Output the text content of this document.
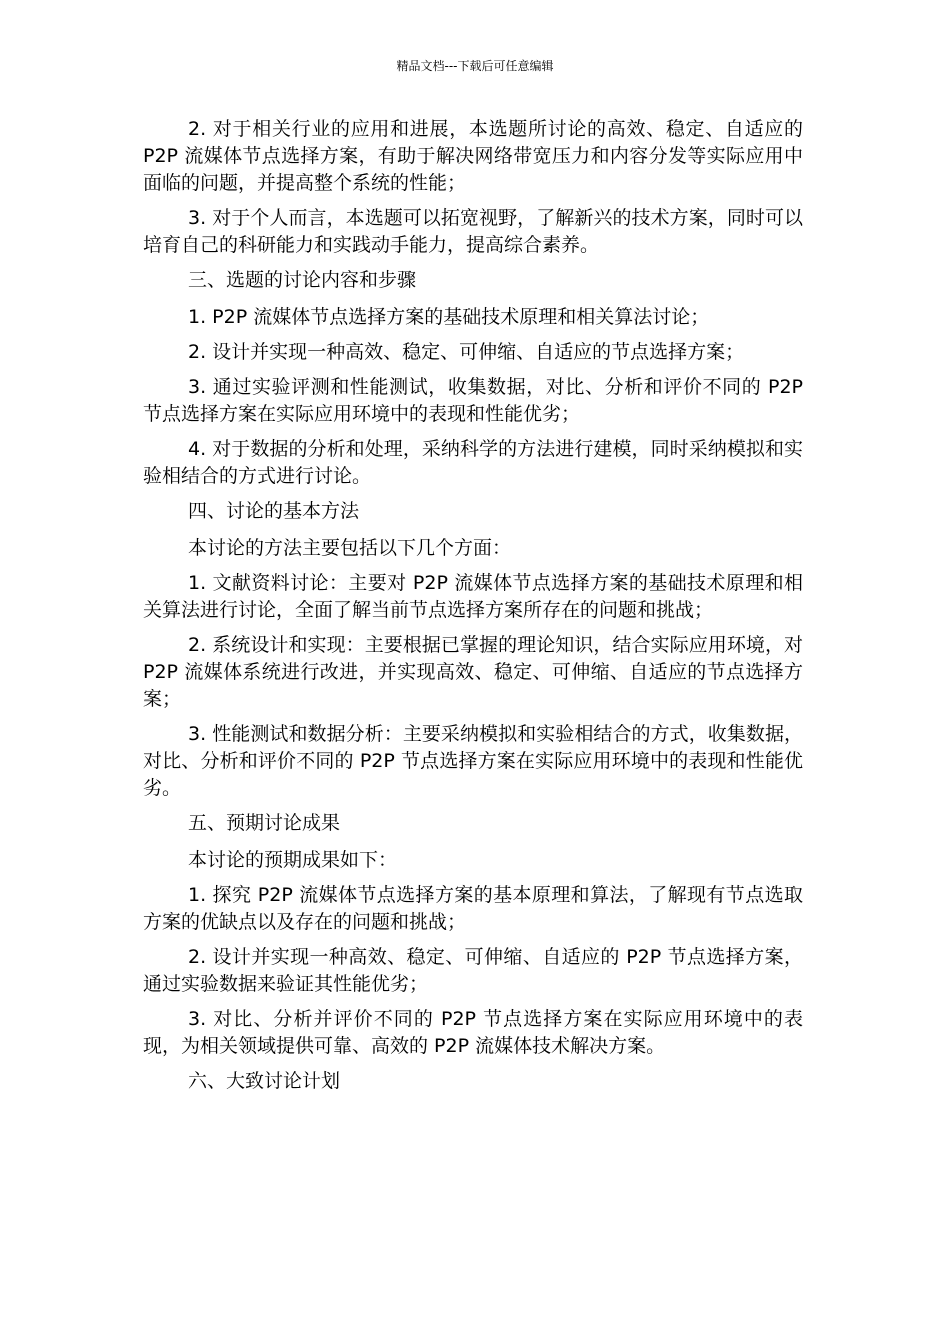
精品文档---下载后可任意编辑

2. 对于相关行业的应用和进展，本选题所讨论的高效、稳定、自适应的 P2P 流媒体节点选择方案，有助于解决网络带宽压力和内容分发等实际应用中面临的问题，并提高整个系统的性能；

3. 对于个人而言，本选题可以拓宽视野，了解新兴的技术方案，同时可以培育自己的科研能力和实践动手能力，提高综合素养。

三、选题的讨论内容和步骤

1. P2P 流媒体节点选择方案的基础技术原理和相关算法讨论；

2. 设计并实现一种高效、稳定、可伸缩、自适应的节点选择方案；

3. 通过实验评测和性能测试，收集数据，对比、分析和评价不同的 P2P 节点选择方案在实际应用环境中的表现和性能优劣；

4. 对于数据的分析和处理，采纳科学的方法进行建模，同时采纳模拟和实验相结合的方式进行讨论。

四、讨论的基本方法

本讨论的方法主要包括以下几个方面：

1. 文献资料讨论：主要对 P2P 流媒体节点选择方案的基础技术原理和相关算法进行讨论，全面了解当前节点选择方案所存在的问题和挑战；

2. 系统设计和实现：主要根据已掌握的理论知识，结合实际应用环境，对 P2P 流媒体系统进行改进，并实现高效、稳定、可伸缩、自适应的节点选择方案；

3. 性能测试和数据分析：主要采纳模拟和实验相结合的方式，收集数据，对比、分析和评价不同的 P2P 节点选择方案在实际应用环境中的表现和性能优劣。

五、预期讨论成果

本讨论的预期成果如下：

1. 探究 P2P 流媒体节点选择方案的基本原理和算法，了解现有节点选取方案的优缺点以及存在的问题和挑战；

2. 设计并实现一种高效、稳定、可伸缩、自适应的 P2P 节点选择方案，通过实验数据来验证其性能优劣；

3. 对比、分析并评价不同的 P2P 节点选择方案在实际应用环境中的表现，为相关领域提供可靠、高效的 P2P 流媒体技术解决方案。

六、大致讨论计划
